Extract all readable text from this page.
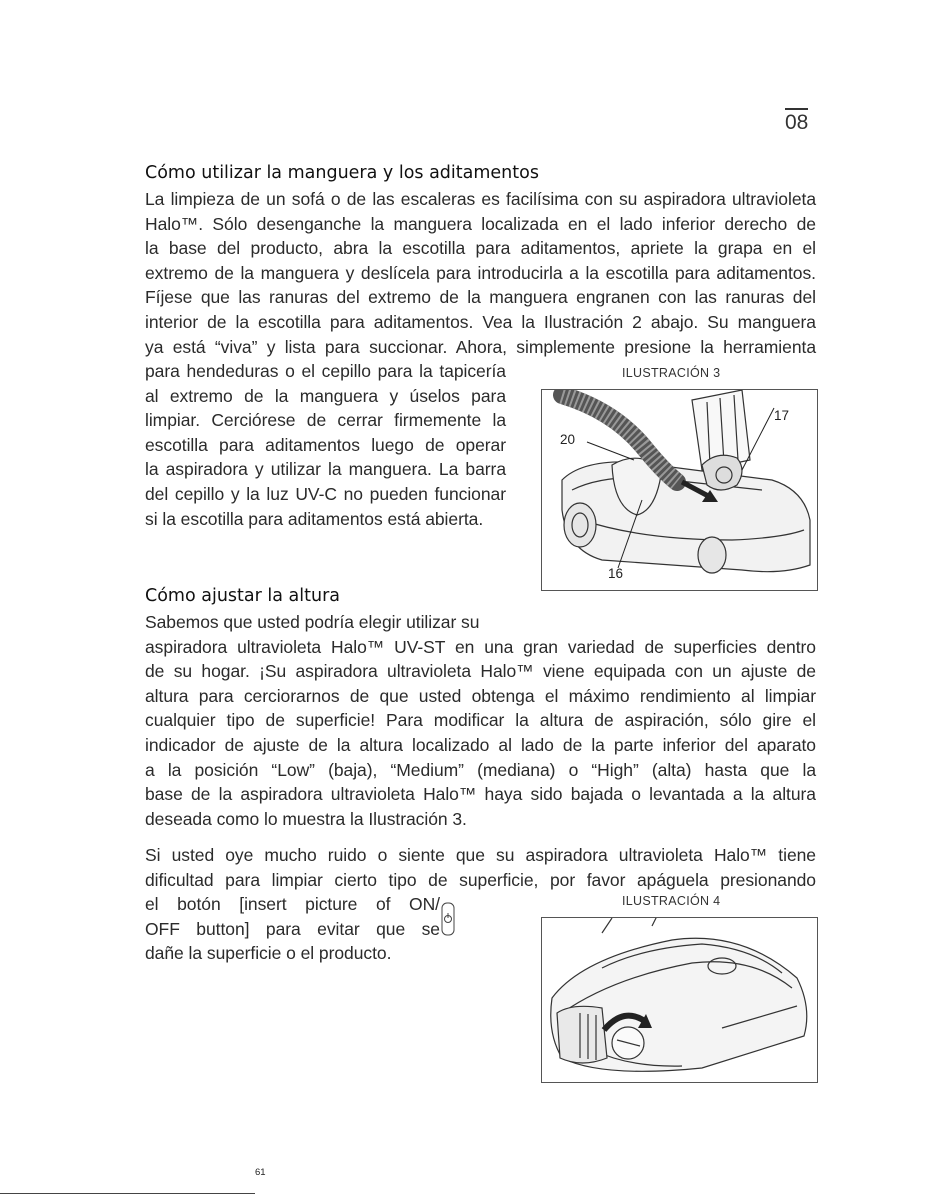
08
Cómo utilizar la manguera y los aditamentos
La limpieza de un sofá o de las escaleras es facilísima con su aspiradora ultravioleta
Halo™. Sólo desenganche la manguera localizada en el lado inferior derecho de
la base del producto, abra la escotilla para aditamentos, apriete la grapa en el
extremo de la manguera y deslícela para introducirla a la escotilla para aditamentos.
Fíjese que las ranuras del extremo de la manguera engranen con las ranuras del
interior de la escotilla para aditamentos. Vea la Ilustración 2 abajo. Su manguera
ya está “viva” y lista para succionar. Ahora, simplemente presione la herramienta
para hendeduras o el cepillo para la tapicería
al extremo de la manguera y úselos para
limpiar. Cerciórese de cerrar firmemente la
escotilla para aditamentos luego de operar
la aspiradora y utilizar la manguera. La barra
del cepillo y la luz UV-C no pueden funcionar
si la escotilla para aditamentos está abierta.
ILUSTRACIÓN 3
20
17
16
Cómo ajustar la altura
Sabemos que usted podría elegir utilizar su
aspiradora ultravioleta Halo™ UV-ST en una gran variedad de superficies dentro
de su hogar. ¡Su aspiradora ultravioleta Halo™ viene equipada con un ajuste de
altura para cerciorarnos de que usted obtenga el máximo rendimiento al limpiar
cualquier tipo de superficie! Para modificar la altura de aspiración, sólo gire el
indicador de ajuste de la altura localizado al lado de la parte inferior del aparato
a la posición “Low” (baja), “Medium” (mediana) o “High” (alta) hasta que la
base de la aspiradora ultravioleta Halo™ haya sido bajada o levantada a la altura
deseada como lo muestra la Ilustración 3.
Si usted oye mucho ruido o siente que su aspiradora ultravioleta Halo™ tiene
dificultad para limpiar cierto tipo de superficie, por favor apáguela presionando
el botón [insert picture of ON/
OFF button] para evitar que se
dañe la superficie o el producto.
ILUSTRACIÓN 4
61
